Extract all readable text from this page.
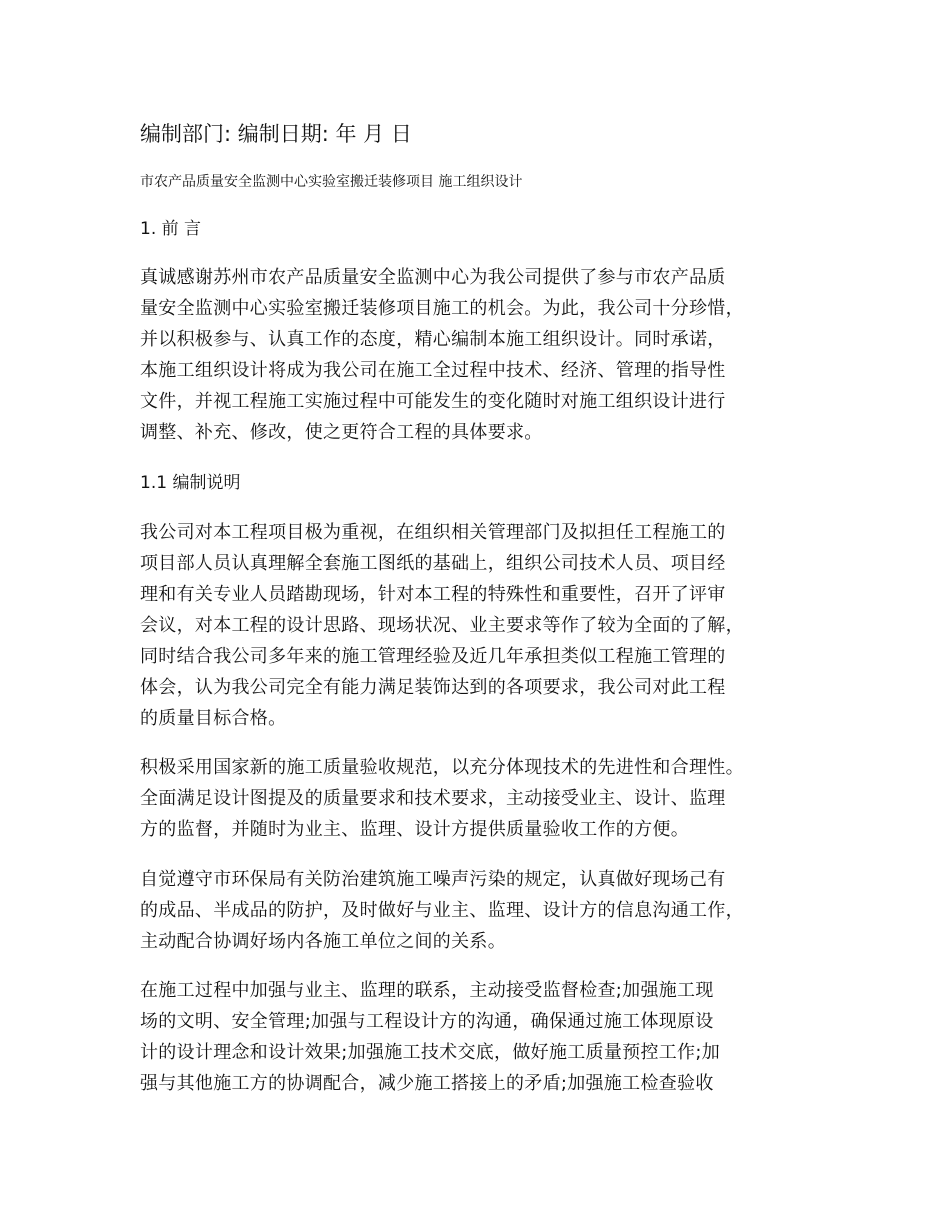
编制部门: 编制日期: 年 月 日
市农产品质量安全监测中心实验室搬迁装修项目 施工组织设计
1. 前 言
真诚感谢苏州市农产品质量安全监测中心为我公司提供了参与市农产品质
量安全监测中心实验室搬迁装修项目施工的机会。为此，我公司十分珍惜，
并以积极参与、认真工作的态度，精心编制本施工组织设计。同时承诺，
本施工组织设计将成为我公司在施工全过程中技术、经济、管理的指导性
文件，并视工程施工实施过程中可能发生的变化随时对施工组织设计进行
调整、补充、修改，使之更符合工程的具体要求。
1.1 编制说明
我公司对本工程项目极为重视，在组织相关管理部门及拟担任工程施工的
项目部人员认真理解全套施工图纸的基础上，组织公司技术人员、项目经
理和有关专业人员踏勘现场，针对本工程的特殊性和重要性，召开了评审
会议，对本工程的设计思路、现场状况、业主要求等作了较为全面的了解，
同时结合我公司多年来的施工管理经验及近几年承担类似工程施工管理的
体会，认为我公司完全有能力满足装饰达到的各项要求，我公司对此工程
的质量目标合格。
积极采用国家新的施工质量验收规范，以充分体现技术的先进性和合理性。
全面满足设计图提及的质量要求和技术要求，主动接受业主、设计、监理
方的监督，并随时为业主、监理、设计方提供质量验收工作的方便。
自觉遵守市环保局有关防治建筑施工噪声污染的规定，认真做好现场己有
的成品、半成品的防护，及时做好与业主、监理、设计方的信息沟通工作，
主动配合协调好场内各施工单位之间的关系。
在施工过程中加强与业主、监理的联系，主动接受监督检查;加强施工现
场的文明、安全管理;加强与工程设计方的沟通，确保通过施工体现原设
计的设计理念和设计效果;加强施工技术交底，做好施工质量预控工作;加
强与其他施工方的协调配合，减少施工搭接上的矛盾;加强施工检查验收
